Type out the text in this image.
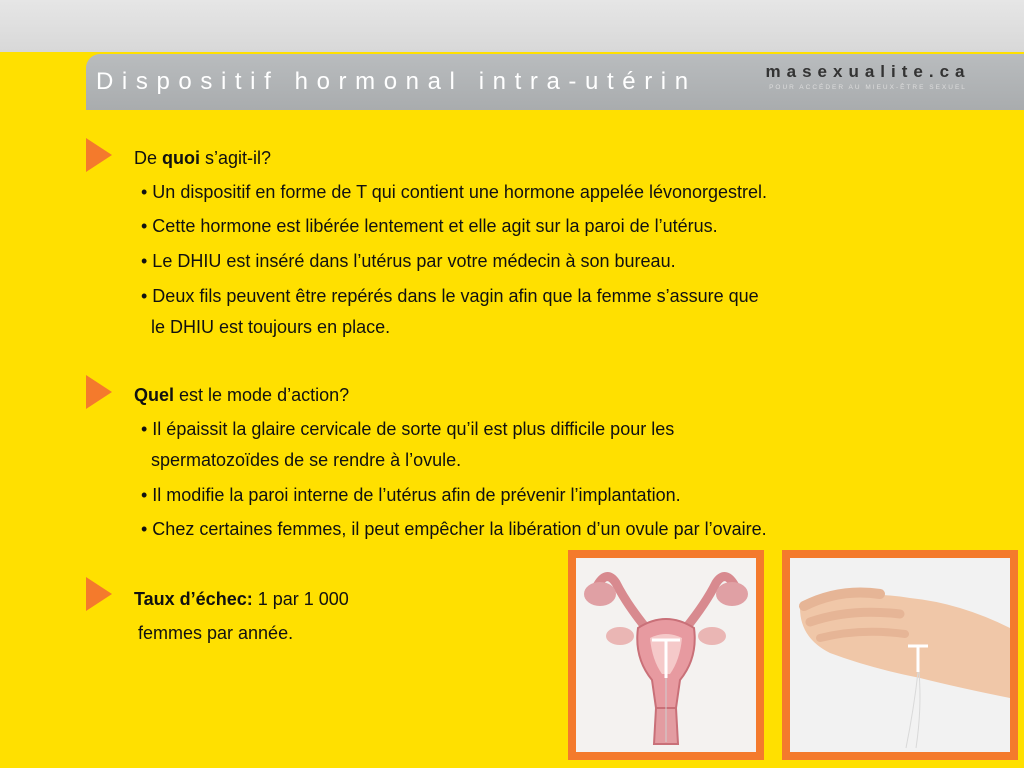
Dispositif hormonal intra-utérin	masexualite.ca
POUR ACCÉDER AU MIEUX-ÊTRE SEXUEL
De quoi s’agit-il?
• Un dispositif en forme de T qui contient une hormone appelée lévonorgestrel.
• Cette hormone est libérée lentement et elle agit sur la paroi de l’utérus.
• Le DHIU est inséré dans l’utérus par votre médecin à son bureau.
• Deux fils peuvent être repérés dans le vagin afin que la femme s’assure que
le DHIU est toujours en place.
Quel est le mode d’action?
• Il épaissit la glaire cervicale de sorte qu’il est plus difficile pour les
spermatozoïdes de se rendre à l’ovule.
• Il modifie la paroi interne de l’utérus afin de prévenir l’implantation.
• Chez certaines femmes, il peut empêcher la libération d’un ovule par l’ovaire.
Taux d’échec: 1 par 1 000
femmes par année.
